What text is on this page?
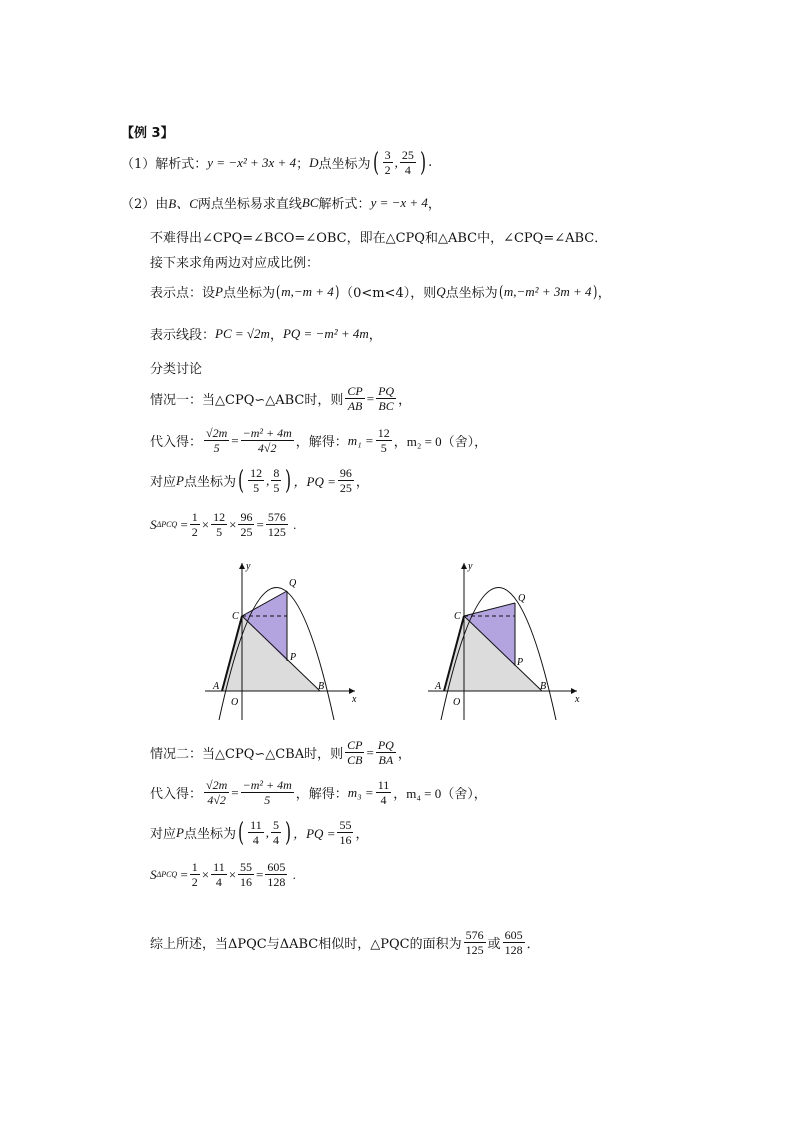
【例 3】
（1）解析式： y = −x² + 3x + 4 ； D 点坐标为 ( $\frac{3}{2}$ , $\frac{25}{4}$ ) .
（2）由 B、C 两点坐标易求直线 BC 解析式： y = −x + 4 ，
不难得出∠CPQ=∠BCO=∠OBC，即在△CPQ和△ABC中，∠CPQ=∠ABC．
接下来求角两边对应成比例：
表示点：设 P 点坐标为 ( m,−m + 4 ) （0<m<4），则 Q 点坐标为 ( m,−m² + 3m + 4 ) ，
表示线段： PC = √2m ， PQ = −m² + 4m ，
分类讨论
情况一：当△CPQ∽△ABC时，则 $\frac{CP}{AB} = \frac{PQ}{BC}$ ，
代入得： $\frac{√2m}{5} = \frac{\text{−m² + 4m}}{4√2}$ ，解得： $m_1 = \frac{12}{5}$ ，m₂ = 0（舍），
对应 P 点坐标为 ( $\frac{12}{5}$ , $\frac{8}{5}$ ) ，PQ = $\frac{96}{25}$ ，
S $\Delta PCQ = \frac{1}{2} \times \frac{12}{5} \times \frac{96}{25} = \frac{576}{125}$ .
y
x
O
A	B
C
P
Q
y
x
O
A	B
C
P
Q
情况二：当△CPQ∽△CBA时，则 $\frac{CP}{CB} = \frac{PQ}{BA}$ ，
代入得： $\frac{√2m}{4√2} = \frac{\text{−m² + 4m}}{5}$ ，解得： $m_3 = \frac{11}{4}$ ，m₄ = 0（舍），
对应 P 点坐标为 ( $\frac{11}{4}$ , $\frac{5}{4}$ ) ，PQ = $\frac{55}{16}$ ，
S $\Delta PCQ = \frac{1}{2} \times \frac{11}{4} \times \frac{55}{16} = \frac{605}{128}$ .
综上所述，当ΔPQC与ΔABC相似时，△PQC的面积为 $\frac{576}{125}$ 或 $\frac{605}{128}$ ．
